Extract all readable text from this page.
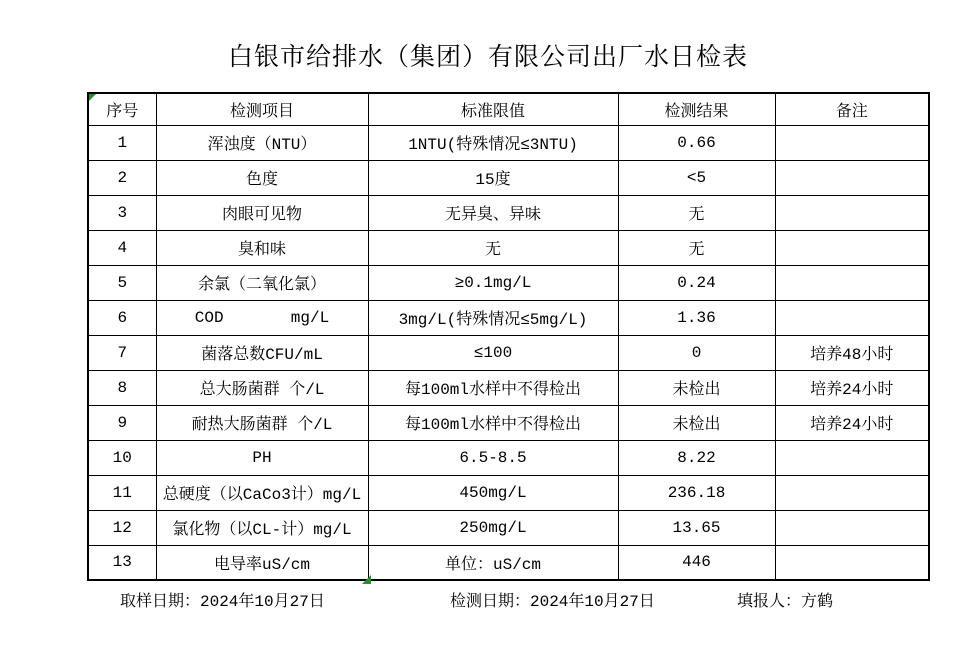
白银市给排水（集团）有限公司出厂水日检表
序号	检测项目	标准限值	检测结果	备注
1	浑浊度（NTU）	1NTU(特殊情况≤3NTU)	0.66	
2	色度	15度	<5	
3	肉眼可见物	无异臭、异味	无	
4	臭和味	无	无	
5	余氯（二氧化氯）	≥0.1mg/L	0.24	
6	COD       mg/L	3mg/L(特殊情况≤5mg/L)	1.36	
7	菌落总数CFU/mL	≤100	0	培养48小时
8	总大肠菌群 个/L	每100ml水样中不得检出	未检出	培养24小时
9	耐热大肠菌群 个/L	每100ml水样中不得检出	未检出	培养24小时
10	PH	6.5-8.5	8.22	
11	总硬度（以CaCo3计）mg/L	450mg/L	236.18	
12	氯化物（以CL-计）mg/L	250mg/L	13.65	
13	电导率uS/cm	单位：uS/cm	446	
取样日期：2024年10月27日	检测日期：2024年10月27日	填报人：方鹤
